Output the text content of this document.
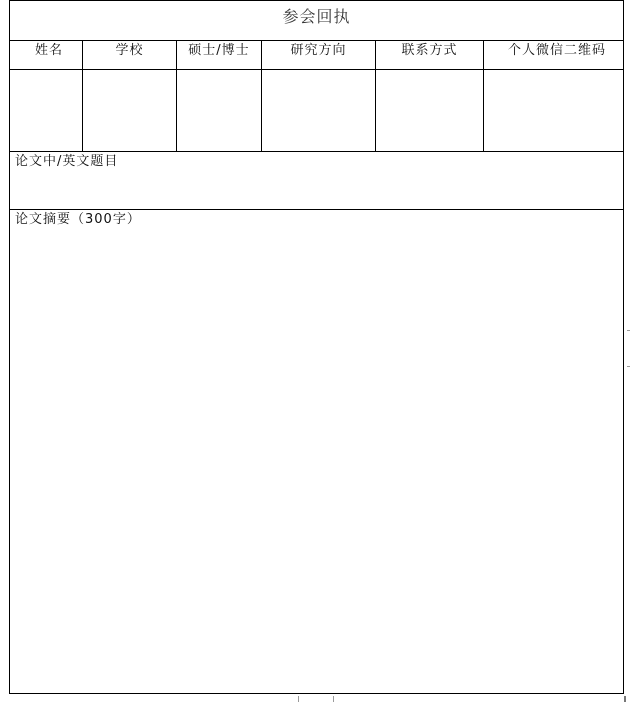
参会回执
姓名	学校	硕士/博士	研究方向	联系方式	个人微信二维码
论文中/英文题目
论文摘要（300字）
